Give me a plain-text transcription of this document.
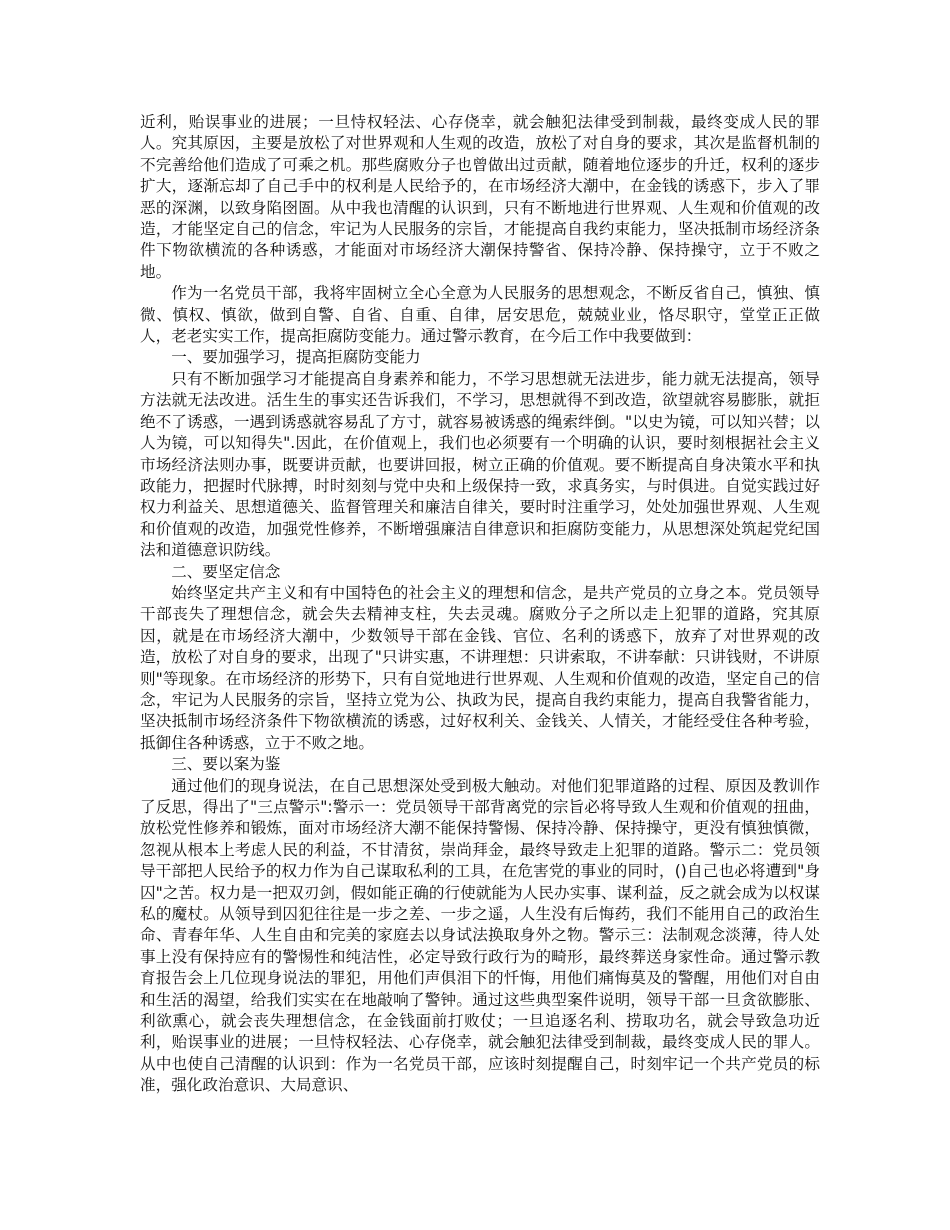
近利，贻误事业的进展；一旦恃权轻法、心存侥幸，就会触犯法律受到制裁，最终变成人民的罪人。究其原因，主要是放松了对世界观和人生观的改造，放松了对自身的要求，其次是监督机制的不完善给他们造成了可乘之机。那些腐败分子也曾做出过贡献，随着地位逐步的升迁，权利的逐步扩大，逐渐忘却了自己手中的权利是人民给予的，在市场经济大潮中，在金钱的诱惑下，步入了罪恶的深渊，以致身陷囹圄。从中我也清醒的认识到，只有不断地进行世界观、人生观和价值观的改造，才能坚定自己的信念，牢记为人民服务的宗旨，才能提高自我约束能力，坚决抵制市场经济条件下物欲横流的各种诱惑，才能面对市场经济大潮保持警省、保持冷静、保持操守，立于不败之地。

作为一名党员干部，我将牢固树立全心全意为人民服务的思想观念，不断反省自己，慎独、慎微、慎权、慎欲，做到自警、自省、自重、自律，居安思危，兢兢业业，恪尽职守，堂堂正正做人，老老实实工作，提高拒腐防变能力。通过警示教育，在今后工作中我要做到：

一、要加强学习，提高拒腐防变能力

只有不断加强学习才能提高自身素养和能力，不学习思想就无法进步，能力就无法提高，领导方法就无法改进。活生生的事实还告诉我们，不学习，思想就得不到改造，欲望就容易膨胀，就拒绝不了诱惑，一遇到诱惑就容易乱了方寸，就容易被诱惑的绳索绊倒。"以史为镜，可以知兴替；以人为镜，可以知得失".因此，在价值观上，我们也必须要有一个明确的认识，要时刻根据社会主义市场经济法则办事，既要讲贡献，也要讲回报，树立正确的价值观。要不断提高自身决策水平和执政能力，把握时代脉搏，时时刻刻与党中央和上级保持一致，求真务实，与时俱进。自觉实践过好权力利益关、思想道德关、监督管理关和廉洁自律关，要时时注重学习，处处加强世界观、人生观和价值观的改造，加强党性修养，不断增强廉洁自律意识和拒腐防变能力，从思想深处筑起党纪国法和道德意识防线。

二、要坚定信念

始终坚定共产主义和有中国特色的社会主义的理想和信念，是共产党员的立身之本。党员领导干部丧失了理想信念，就会失去精神支柱，失去灵魂。腐败分子之所以走上犯罪的道路，究其原因，就是在市场经济大潮中，少数领导干部在金钱、官位、名利的诱惑下，放弃了对世界观的改造，放松了对自身的要求，出现了"只讲实惠，不讲理想：只讲索取，不讲奉献：只讲钱财，不讲原则"等现象。在市场经济的形势下，只有自觉地进行世界观、人生观和价值观的改造，坚定自己的信念，牢记为人民服务的宗旨，坚持立党为公、执政为民，提高自我约束能力，提高自我警省能力，坚决抵制市场经济条件下物欲横流的诱惑，过好权利关、金钱关、人情关，才能经受住各种考验，抵御住各种诱惑，立于不败之地。

三、要以案为鉴

通过他们的现身说法，在自己思想深处受到极大触动。对他们犯罪道路的过程、原因及教训作了反思，得出了"三点警示":警示一：党员领导干部背离党的宗旨必将导致人生观和价值观的扭曲，放松党性修养和锻炼，面对市场经济大潮不能保持警惕、保持冷静、保持操守，更没有慎独慎微，忽视从根本上考虑人民的利益，不甘清贫，崇尚拜金，最终导致走上犯罪的道路。警示二：党员领导干部把人民给予的权力作为自己谋取私利的工具，在危害党的事业的同时，()自己也必将遭到"身囚"之苦。权力是一把双刃剑，假如能正确的行使就能为人民办实事、谋利益，反之就会成为以权谋私的魔杖。从领导到囚犯往往是一步之差、一步之遥，人生没有后悔药，我们不能用自己的政治生命、青春年华、人生自由和完美的家庭去以身试法换取身外之物。警示三：法制观念淡薄，待人处事上没有保持应有的警惕性和纯洁性，必定导致行政行为的畸形，最终葬送身家性命。通过警示教育报告会上几位现身说法的罪犯，用他们声俱泪下的忏悔，用他们痛悔莫及的警醒，用他们对自由和生活的渴望，给我们实实在在地敲响了警钟。通过这些典型案件说明，领导干部一旦贪欲膨胀、利欲熏心，就会丧失理想信念，在金钱面前打败仗；一旦追逐名利、捞取功名，就会导致急功近利，贻误事业的进展；一旦恃权轻法、心存侥幸，就会触犯法律受到制裁，最终变成人民的罪人。从中也使自己清醒的认识到：作为一名党员干部，应该时刻提醒自己，时刻牢记一个共产党员的标准，强化政治意识、大局意识、
